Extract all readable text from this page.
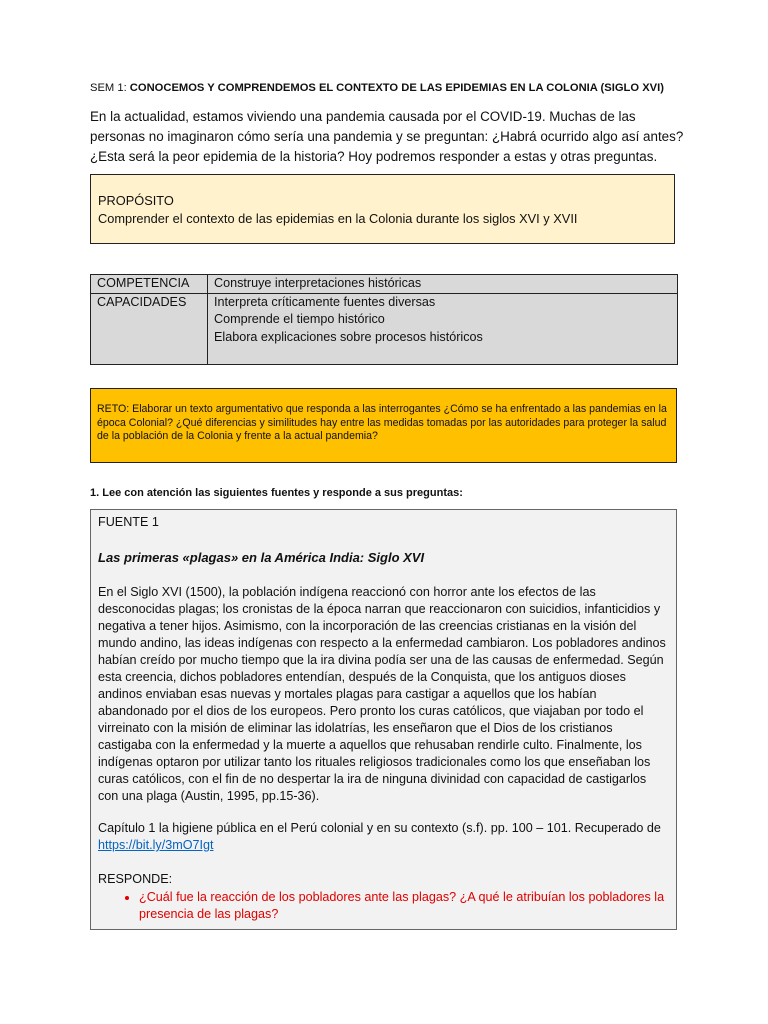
SEM 1: CONOCEMOS Y COMPRENDEMOS EL CONTEXTO DE LAS EPIDEMIAS EN LA COLONIA (SIGLO XVI)

En la actualidad, estamos viviendo una pandemia causada por el COVID-19. Muchas de las personas no imaginaron cómo sería una pandemia y se preguntan: ¿Habrá ocurrido algo así antes? ¿Esta será la peor epidemia de la historia? Hoy podremos responder a estas y otras preguntas.

PROPÓSITO
Comprender el contexto de las epidemias en la Colonia durante los siglos XVI y XVII
COMPETENCIA	Construye interpretaciones históricas
CAPACIDADES	Interpreta críticamente fuentes diversas
Comprende el tiempo histórico
Elabora explicaciones sobre procesos históricos
RETO: Elaborar un texto argumentativo que responda a las interrogantes ¿Cómo se ha enfrentado a las pandemias en la época Colonial? ¿Qué diferencias y similitudes hay entre las medidas tomadas por las autoridades para proteger la salud de la población de la Colonia y frente a la actual pandemia?
1. Lee con atención las siguientes fuentes y responde a sus preguntas:

FUENTE 1

Las primeras «plagas» en la América India: Siglo XVI

En el Siglo XVI (1500), la población indígena reaccionó con horror ante los efectos de las desconocidas plagas; los cronistas de la época narran que reaccionaron con suicidios, infanticidios y negativa a tener hijos. Asimismo, con la incorporación de las creencias cristianas en la visión del mundo andino, las ideas indígenas con respecto a la enfermedad cambiaron. Los pobladores andinos habían creído por mucho tiempo que la ira divina podía ser una de las causas de enfermedad. Según esta creencia, dichos pobladores entendían, después de la Conquista, que los antiguos dioses andinos enviaban esas nuevas y mortales plagas para castigar a aquellos que los habían abandonado por el dios de los europeos. Pero pronto los curas católicos, que viajaban por todo el virreinato con la misión de eliminar las idolatrías, les enseñaron que el Dios de los cristianos castigaba con la enfermedad y la muerte a aquellos que rehusaban rendirle culto. Finalmente, los indígenas optaron por utilizar tanto los rituales religiosos tradicionales como los que enseñaban los curas católicos, con el fin de no despertar la ira de ninguna divinidad con capacidad de castigarlos con una plaga (Austin, 1995, pp.15-36).

Capítulo 1 la higiene pública en el Perú colonial y en su contexto (s.f). pp. 100 – 101. Recuperado de
https://bit.ly/3mO7Igt

RESPONDE:

• ¿Cuál fue la reacción de los pobladores ante las plagas? ¿A qué le atribuían los pobladores la presencia de las plagas?
